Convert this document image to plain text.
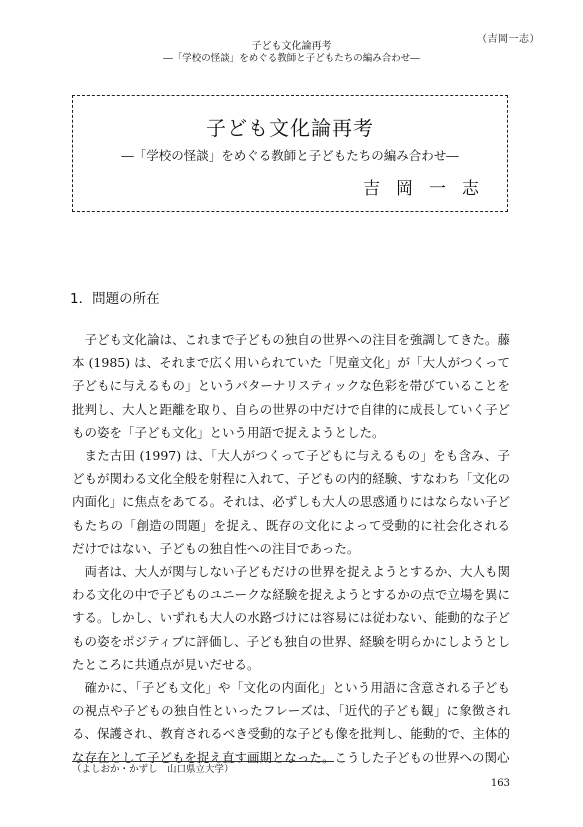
（吉岡一志）
子ども文化論再考
―「学校の怪談」をめぐる教師と子どもたちの編み合わせ―
子ども文化論再考
―「学校の怪談」をめぐる教師と子どもたちの編み合わせ―
吉岡一志
1．問題の所在

子ども文化論は、これまで子どもの独自の世界への注目を強調してきた。藤本 (1985) は、それまで広く用いられていた「児童文化」が「大人がつくって子どもに与えるもの」というパターナリスティックな色彩を帯びていることを批判し、大人と距離を取り、自らの世界の中だけで自律的に成長していく子どもの姿を「子ども文化」という用語で捉えようとした。

また古田 (1997) は、「大人がつくって子どもに与えるもの」をも含み、子どもが関わる文化全般を射程に入れて、子どもの内的経験、すなわち「文化の内面化」に焦点をあてる。それは、必ずしも大人の思惑通りにはならない子どもたちの「創造の問題」を捉え、既存の文化によって受動的に社会化されるだけではない、子どもの独自性への注目であった。

両者は、大人が関与しない子どもだけの世界を捉えようとするか、大人も関わる文化の中で子どものユニークな経験を捉えようとするかの点で立場を異にする。しかし、いずれも大人の水路づけには容易には従わない、能動的な子どもの姿をポジティブに評価し、子ども独自の世界、経験を明らかにしようとしたところに共通点が見いだせる。

確かに、「子ども文化」や「文化の内面化」という用語に含意される子どもの視点や子どもの独自性といったフレーズは、「近代的子ども観」に象徴される、保護され、教育されるべき受動的な子ども像を批判し、能動的で、主体的な存在として子どもを捉え直す画期となった。こうした子どもの世界への関心

（よしおか・かずし　山口県立大学）
163
